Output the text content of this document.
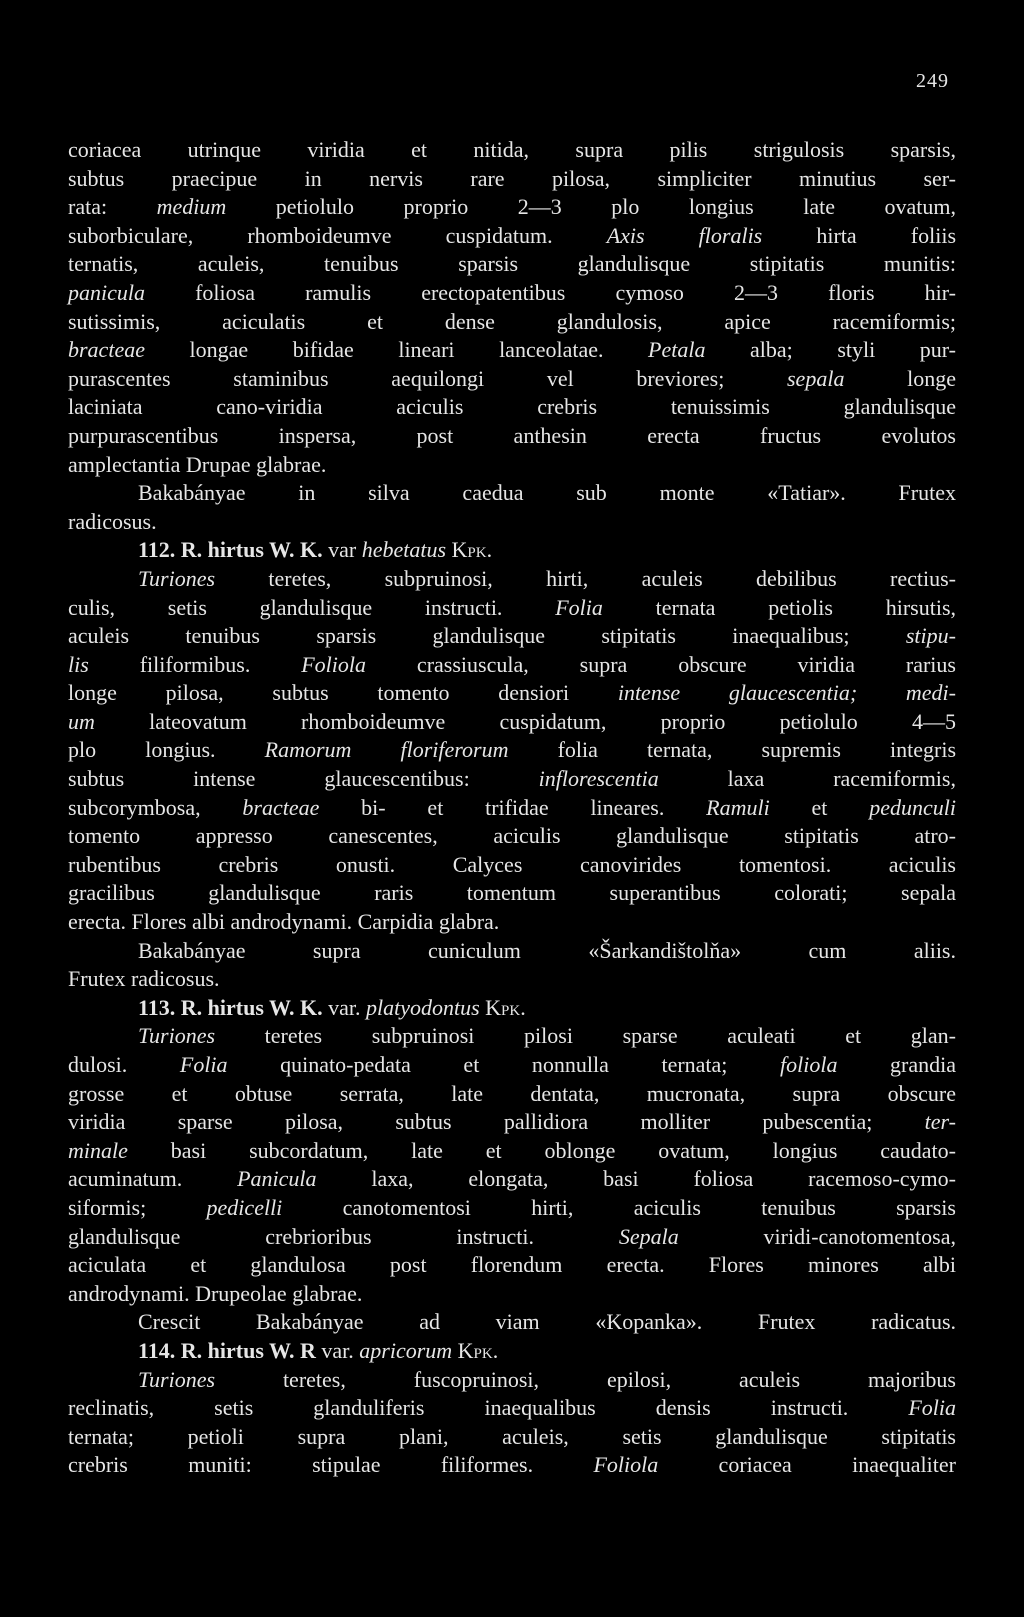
249
coriacea utrinque viridia et nitida, supra pilis strigulosis sparsis,
subtus praecipue in nervis rare pilosa, simpliciter minutius ser-
rata: medium petiolulo proprio 2—3 plo longius late ovatum,
suborbiculare, rhomboideumve cuspidatum. Axis floralis hirta foliis
ternatis, aculeis, tenuibus sparsis glandulisque stipitatis munitis:
panicula foliosa ramulis erectopatentibus cymoso 2—3 floris hir-
sutissimis, aciculatis et dense glandulosis, apice racemiformis;
bracteae longae bifidae lineari lanceolatae. Petala alba; styli pur-
purascentes staminibus aequilongi vel breviores; sepala longe
laciniata cano-viridia aciculis crebris tenuissimis glandulisque
purpurascentibus inspersa, post anthesin erecta fructus evolutos
amplectantia Drupae glabrae.
Bakabányae in silva caedua sub monte «Tatiar». Frutex
radicosus.
112. R. hirtus W. K. var hebetatus Kpk.
Turiones teretes, subpruinosi, hirti, aculeis debilibus rectius-
culis, setis glandulisque instructi. Folia ternata petiolis hirsutis,
aculeis tenuibus sparsis glandulisque stipitatis inaequalibus; stipu-
lis filiformibus. Foliola crassiuscula, supra obscure viridia rarius
longe pilosa, subtus tomento densiori intense glaucescentia; medi-
um lateovatum rhomboideumve cuspidatum, proprio petiolulo 4—5
plo longius. Ramorum floriferorum folia ternata, supremis integris
subtus intense glaucescentibus: inflorescentia laxa racemiformis,
subcorymbosa, bracteae bi- et trifidae lineares. Ramuli et pedunculi
tomento appresso canescentes, aciculis glandulisque stipitatis atro-
rubentibus crebris onusti. Calyces canovirides tomentosi. aciculis
gracilibus glandulisque raris tomentum superantibus colorati; sepala
erecta. Flores albi androdynami. Carpidia glabra.
Bakabányae supra cuniculum «Šarkandištolňa» cum aliis.
Frutex radicosus.
113. R. hirtus W. K. var. platyodontus Kpk.
Turiones teretes subpruinosi pilosi sparse aculeati et glan-
dulosi. Folia quinato-pedata et nonnulla ternata; foliola grandia
grosse et obtuse serrata, late dentata, mucronata, supra obscure
viridia sparse pilosa, subtus pallidiora molliter pubescentia; ter-
minale basi subcordatum, late et oblonge ovatum, longius caudato-
acuminatum. Panicula laxa, elongata, basi foliosa racemoso-cymo-
siformis; pedicelli canotomentosi hirti, aciculis tenuibus sparsis
glandulisque crebrioribus instructi. Sepala viridi-canotomentosa,
aciculata et glandulosa post florendum erecta. Flores minores albi
androdynami. Drupeolae glabrae.
Crescit Bakabányae ad viam «Kopanka». Frutex radicatus.
114. R. hirtus W. R var. apricorum Kpk.
Turiones teretes, fuscopruinosi, epilosi, aculeis majoribus
reclinatis, setis glanduliferis inaequalibus densis instructi. Folia
ternata; petioli supra plani, aculeis, setis glandulisque stipitatis
crebris muniti: stipulae filiformes. Foliola coriacea inaequaliter
